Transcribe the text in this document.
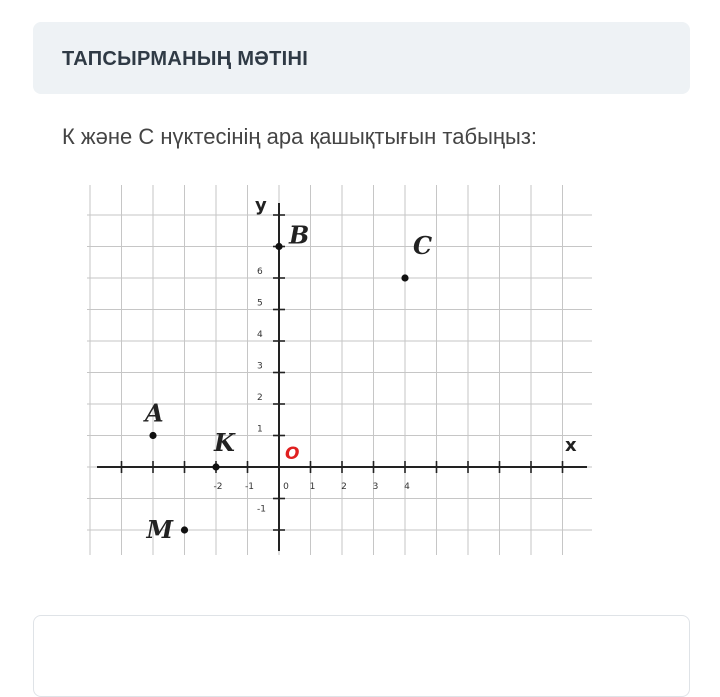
ТАПСЫРМАНЫҢ МӘТІНІ
К және С нүктесінің ара қашықтығын табыңыз:
-2	-1	0 1	2	3	4
-1
1
2
3
4
5
6
x
y
O
A
K
M
B	C
